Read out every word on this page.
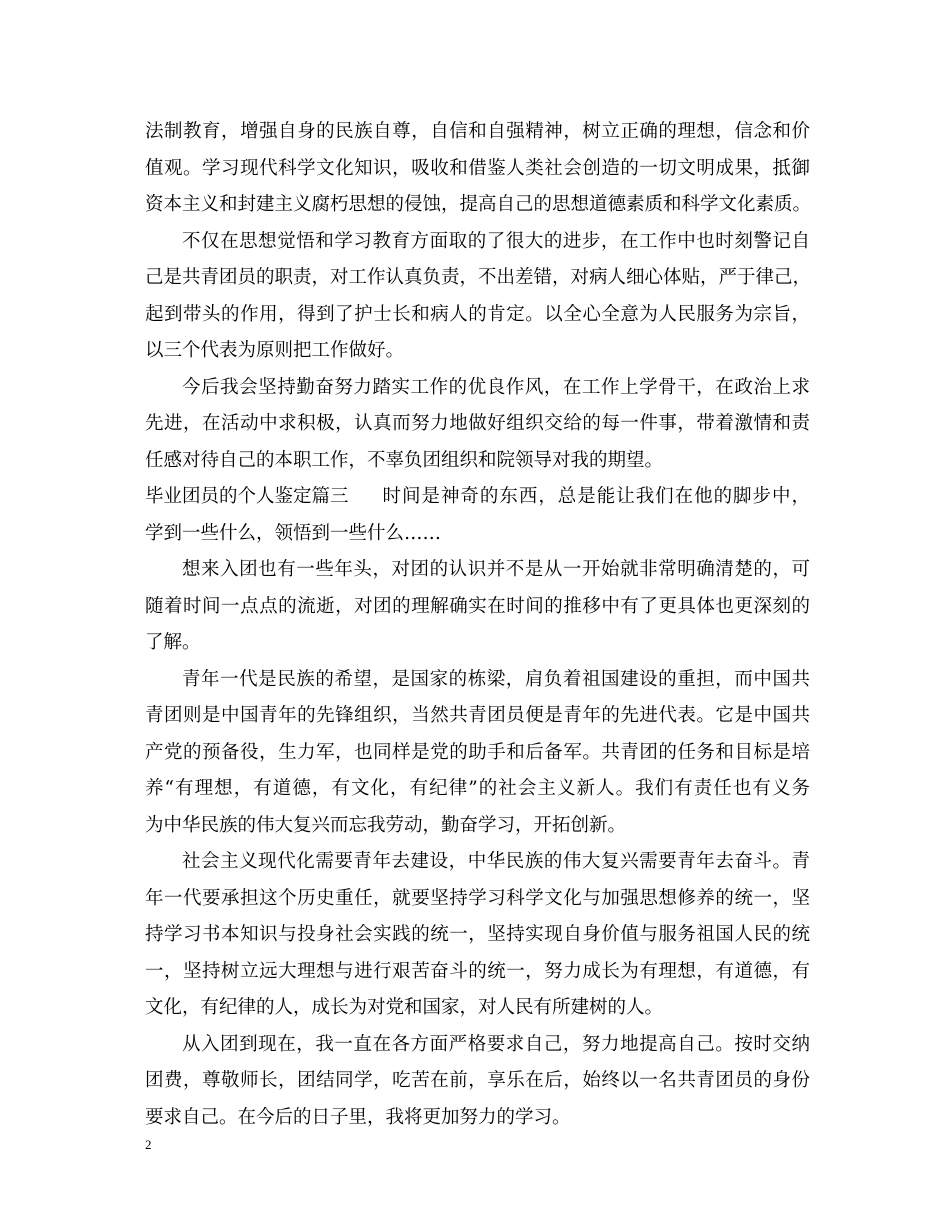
法制教育，增强自身的民族自尊，自信和自强精神，树立正确的理想，信念和价
值观。学习现代科学文化知识，吸收和借鉴人类社会创造的一切文明成果，抵御
资本主义和封建主义腐朽思想的侵蚀，提高自己的思想道德素质和科学文化素质。
不仅在思想觉悟和学习教育方面取的了很大的进步，在工作中也时刻警记自
己是共青团员的职责，对工作认真负责，不出差错，对病人细心体贴，严于律己，
起到带头的作用，得到了护士长和病人的肯定。以全心全意为人民服务为宗旨，
以三个代表为原则把工作做好。
今后我会坚持勤奋努力踏实工作的优良作风，在工作上学骨干，在政治上求
先进，在活动中求积极，认真而努力地做好组织交给的每一件事，带着激情和责
任感对待自己的本职工作，不辜负团组织和院领导对我的期望。
毕业团员的个人鉴定篇三 时间是神奇的东西，总是能让我们在他的脚步中，
学到一些什么，领悟到一些什么……
想来入团也有一些年头，对团的认识并不是从一开始就非常明确清楚的，可
随着时间一点点的流逝，对团的理解确实在时间的推移中有了更具体也更深刻的
了解。
青年一代是民族的希望，是国家的栋梁，肩负着祖国建设的重担，而中国共
青团则是中国青年的先锋组织，当然共青团员便是青年的先进代表。它是中国共
产党的预备役，生力军，也同样是党的助手和后备军。共青团的任务和目标是培
养“有理想，有道德，有文化，有纪律”的社会主义新人。我们有责任也有义务
为中华民族的伟大复兴而忘我劳动，勤奋学习，开拓创新。
社会主义现代化需要青年去建设，中华民族的伟大复兴需要青年去奋斗。青
年一代要承担这个历史重任，就要坚持学习科学文化与加强思想修养的统一，坚
持学习书本知识与投身社会实践的统一，坚持实现自身价值与服务祖国人民的统
一，坚持树立远大理想与进行艰苦奋斗的统一，努力成长为有理想，有道德，有
文化，有纪律的人，成长为对党和国家，对人民有所建树的人。
从入团到现在，我一直在各方面严格要求自己，努力地提高自己。按时交纳
团费，尊敬师长，团结同学，吃苦在前，享乐在后，始终以一名共青团员的身份
要求自己。在今后的日子里，我将更加努力的学习。
2
